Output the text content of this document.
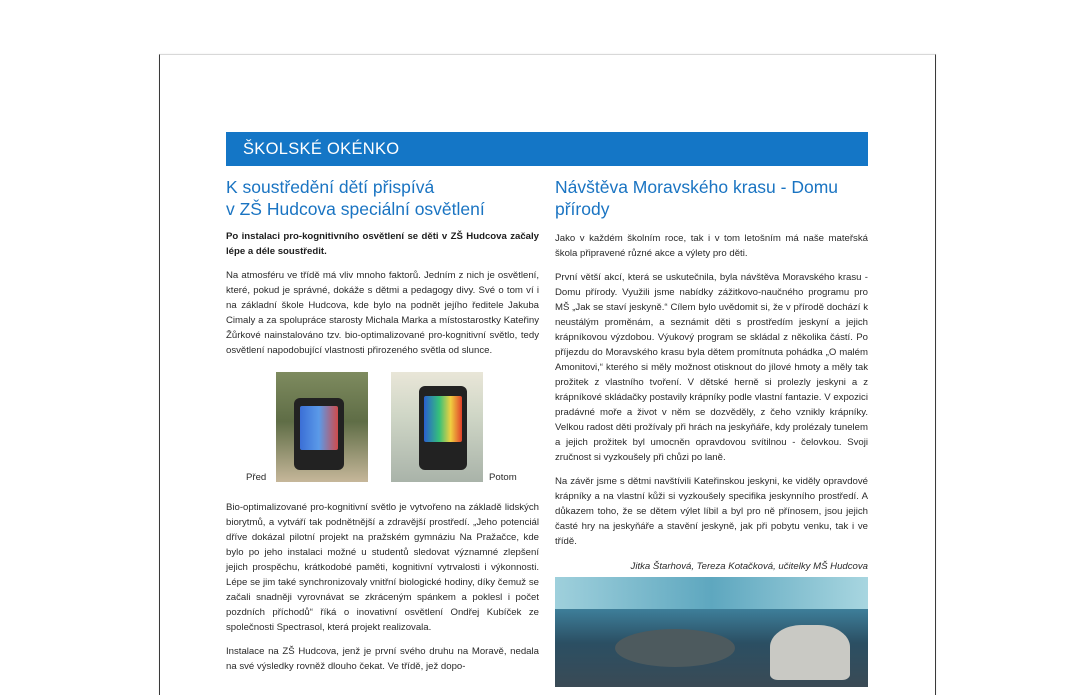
ŠKOLSKÉ OKÉNKO
K soustředění dětí přispívá
v ZŠ Hudcova speciální osvětlení

Po instalaci pro-kognitivního osvětlení se děti v ZŠ Hudcova začaly lépe a déle soustředit.

Na atmosféru ve třídě má vliv mnoho faktorů. Jedním z nich je osvětlení, které, pokud je správné, dokáže s dětmi a pedagogy divy. Své o tom ví i na základní škole Hudcova, kde bylo na podnět jejího ředitele Jakuba Cimaly a za spolupráce starosty Michala Marka a místostarostky Kateřiny Žůrkové nainstalováno tzv. bio-optimalizované pro-kognitivní světlo, tedy osvětlení napodobující vlastnosti přirozeného světla od slunce.

Před	Potom

Bio-optimalizované pro-kognitivní světlo je vytvořeno na základě lidských biorytmů, a vytváří tak podnětnější a zdravější prostředí. „Jeho potenciál dříve dokázal pilotní projekt na pražském gymnáziu Na Pražačce, kde bylo po jeho instalaci možné u studentů sledovat významné zlepšení jejich prospěchu, krátkodobé paměti, kognitivní vytrvalosti i výkonnosti. Lépe se jim také synchronizovaly vnitřní biologické hodiny, díky čemuž se začali snadněji vyrovnávat se zkráceným spánkem a poklesl i počet pozdních příchodů“ říká o inovativní osvětlení Ondřej Kubíček ze společnosti Spectrasol, která projekt realizovala.

Instalace na ZŠ Hudcova, jenž je první svého druhu na Moravě, nedala na své výsledky rovněž dlouho čekat. Ve třídě, jež dopo-

Návštěva Moravského krasu - Domu
přírody

Jako v každém školním roce, tak i v tom letošním má naše mateřská škola připravené různé akce a výlety pro děti.

První větší akcí, která se uskutečnila, byla návštěva Moravského krasu - Domu přírody. Využili jsme nabídky zážitkovo-naučného programu pro MŠ „Jak se staví jeskyně.“ Cílem bylo uvědomit si, že v přírodě dochází k neustálým proměnám, a seznámit děti s prostředím jeskyní a jejich krápníkovou výzdobou. Výukový program se skládal z několika částí. Po příjezdu do Moravského krasu byla dětem promítnuta pohádka „O malém Amonitovi,“ kterého si měly možnost otisknout do jílové hmoty a měly tak prožitek z vlastního tvoření. V dětské herně si prolezly jeskyni a z krápníkové skládačky postavily krápníky podle vlastní fantazie. V expozici pradávné moře a život v něm se dozvěděly, z čeho vznikly krápníky. Velkou radost děti prožívaly při hrách na jeskyňáře, kdy prolézaly tunelem a jejich prožitek byl umocněn opravdovou svítilnou - čelovkou. Svoji zručnost si vyzkoušely při chůzi po laně.

Na závěr jsme s dětmi navštívili Kateřinskou jeskyni, ke viděly opravdové krápníky a na vlastní kůži si vyzkoušely specifika jeskynního prostředí. A důkazem toho, že se dětem výlet líbil a byl pro ně přínosem, jsou jejich časté hry na jeskyňáře a stavění jeskyně, jak při pobytu venku, tak i ve třídě.

Jitka Štarhová, Tereza Kotačková, učitelky MŠ Hudcova
